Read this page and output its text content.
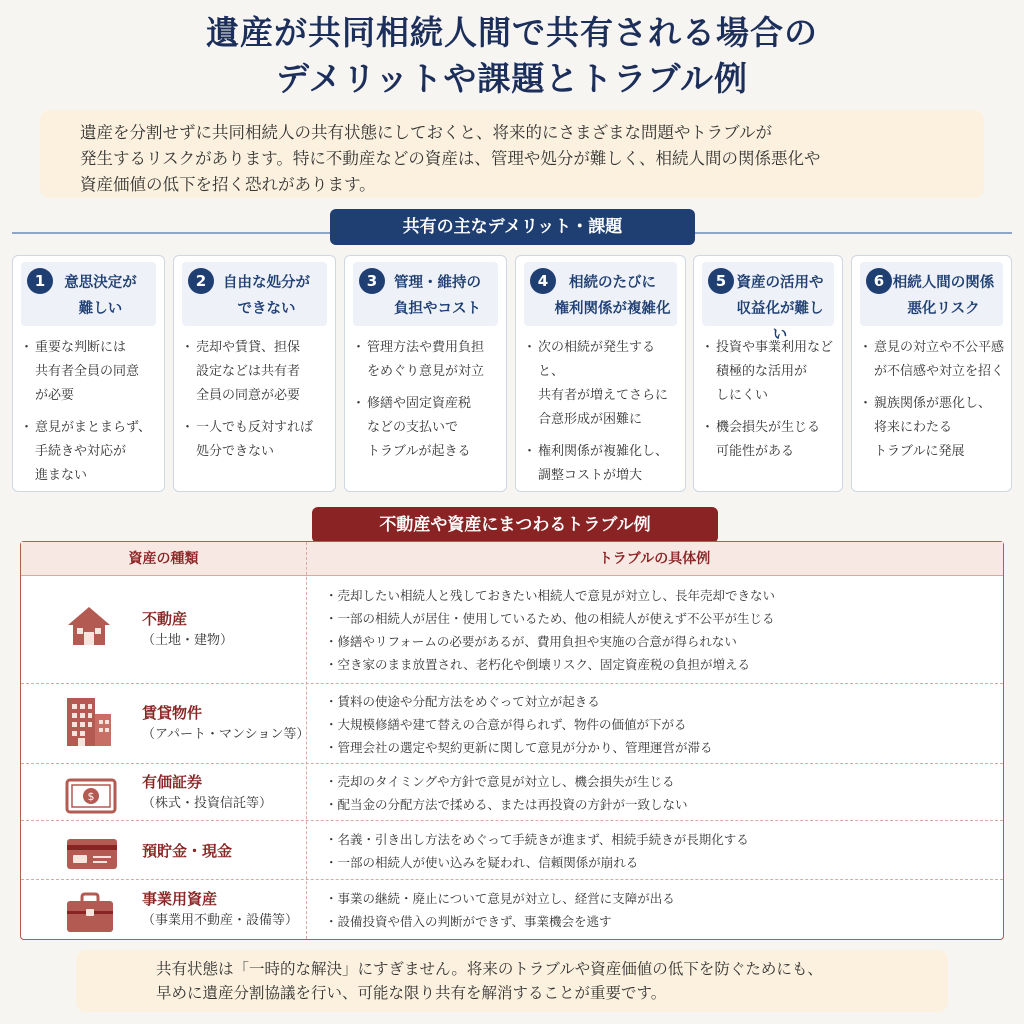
遺産が共同相続人間で共有される場合の
デメリットや課題とトラブル例
遺産を分割せずに共同相続人の共有状態にしておくと、将来的にさまざまな問題やトラブルが
発生するリスクがあります。特に不動産などの資産は、管理や処分が難しく、相続人間の関係悪化や
資産価値の低下を招く恐れがあります。
共有の主なデメリット・課題
1	意思決定が
難しい
・ 重要な判断には
共有者全員の同意
が必要
・ 意見がまとまらず、
手続きや対応が
進まない
2	自由な処分が
できない
・ 売却や賃貸、担保
設定などは共有者
全員の同意が必要
・ 一人でも反対すれば
処分できない
3	管理・維持の
負担やコスト
・ 管理方法や費用負担
をめぐり意見が対立
・ 修繕や固定資産税
などの支払いで
トラブルが起きる
4	相続のたびに
権利関係が複雑化
・ 次の相続が発生すると、
共有者が増えてさらに
合意形成が困難に
・ 権利関係が複雑化し、
調整コストが増大
5 資産の活用や
収益化が難しい
・ 投資や事業利用など
積極的な活用が
しにくい
・ 機会損失が生じる
可能性がある
6 相続人間の関係
悪化リスク
・ 意見の対立や不公平感
が不信感や対立を招く
・ 親族関係が悪化し、
将来にわたる
トラブルに発展
不動産や資産にまつわるトラブル例
資産の種類	トラブルの具体例
不動産
（土地・建物）
・ 売却したい相続人と残しておきたい相続人で意見が対立し、長年売却できない
・ 一部の相続人が居住・使用しているため、他の相続人が使えず不公平が生じる
・ 修繕やリフォームの必要があるが、費用負担や実施の合意が得られない
・ 空き家のまま放置され、老朽化や倒壊リスク、固定資産税の負担が増える
賃貸物件
（アパート・マンション等）
・ 賃料の使途や分配方法をめぐって対立が起きる
・ 大規模修繕や建て替えの合意が得られず、物件の価値が下がる
・ 管理会社の選定や契約更新に関して意見が分かり、管理運営が滞る
$
有価証券
（株式・投資信託等）
・ 売却のタイミングや方針で意見が対立し、機会損失が生じる
・ 配当金の分配方法で揉める、または再投資の方針が一致しない
預貯金・現金
・ 名義・引き出し方法をめぐって手続きが進まず、相続手続きが長期化する
・ 一部の相続人が使い込みを疑われ、信頼関係が崩れる
事業用資産
（事業用不動産・設備等）
・ 事業の継続・廃止について意見が対立し、経営に支障が出る
・ 設備投資や借入の判断ができず、事業機会を逃す
共有状態は「一時的な解決」にすぎません。将来のトラブルや資産価値の低下を防ぐためにも、
早めに遺産分割協議を行い、可能な限り共有を解消することが重要です。
